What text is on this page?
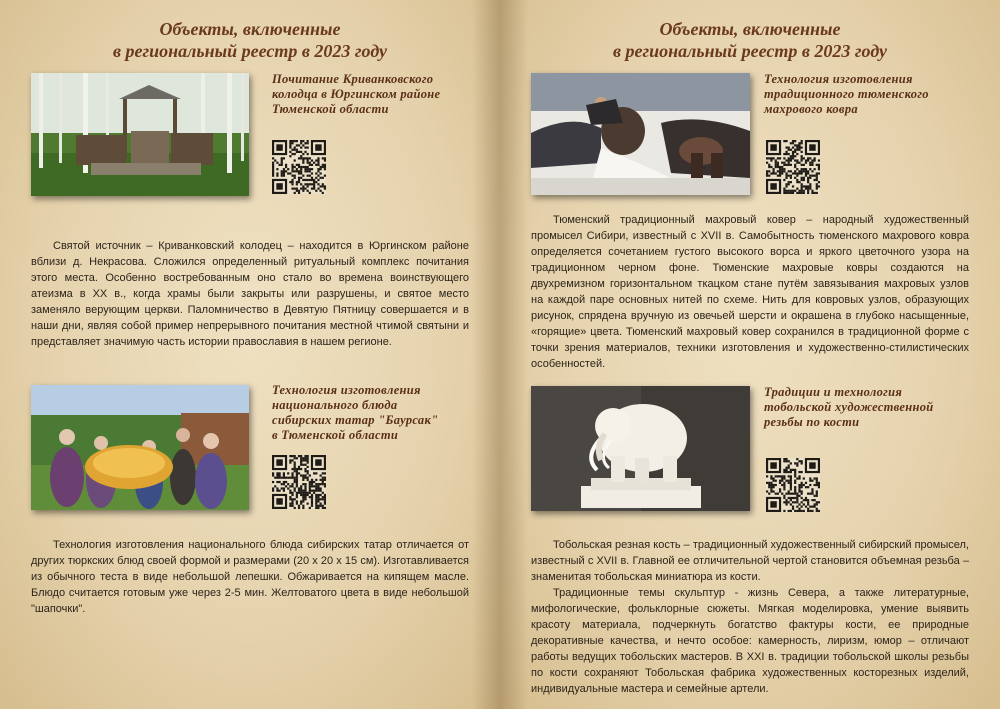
Объекты, включенные
в региональный реестр в 2023 году
Почитание Криванковского
колодца в Юргинском районе
Тюменской области

Святой источник – Криванковский колодец – находится в Юргинском районе вблизи д. Некрасова. Сложился определенный ритуальный комплекс почитания этого места. Особенно востребованным оно стало во времена воинствующего атеизма в XX в., когда храмы были закрыты или разрушены, и святое место заменяло верующим церкви. Паломничество в Девятую Пятницу совершается и в наши дни, являя собой пример непрерывного почитания местной чтимой святыни и представляет значимую часть истории православия в нашем регионе.

Технология изготовления
национального блюда
сибирских татар "Баурсак"
в Тюменской области

Технология изготовления национального блюда сибирских татар отличается от других тюркских блюд своей формой и размерами (20 х 20 х 15 см). Изготавливается из обычного теста в виде небольшой лепешки. Обжаривается на кипящем масле. Блюдо считается готовым уже через 2-5 мин. Желтоватого цвета в виде небольшой "шапочки".

Объекты, включенные
в региональный реестр в 2023 году
Технология изготовления
традиционного тюменского
махрового ковра

Тюменский традиционный махровый ковер – народный художественный промысел Сибири, известный с XVII в. Самобытность тюменского махрового ковра определяется сочетанием густого высокого ворса и яркого цветочного узора на традиционном черном фоне. Тюменские махровые ковры создаются на двухремизном горизонтальном ткацком стане путём завязывания махровых узлов на каждой паре основных нитей по схеме. Нить для ковровых узлов, образующих рисунок, спрядена вручную из овечьей шерсти и окрашена в глубоко насыщенные, «горящие» цвета. Тюменский махровый ковер сохранился в традиционной форме с точки зрения материалов, техники изготовления и художественно-стилистических особенностей.

Традиции и технология
тобольской художественной
резьбы по кости

Тобольская резная кость – традиционный художественный сибирский промысел, известный с XVII в. Главной ее отличительной чертой становится объемная резьба – знаменитая тобольская миниатюра из кости.

Традиционные темы скульптур - жизнь Севера, а также литературные, мифологические, фольклорные сюжеты. Мягкая моделировка, умение выявить красоту материала, подчеркнуть богатство фактуры кости, ее природные декоративные качества, и нечто особое: камерность, лиризм, юмор – отличают работы ведущих тобольских мастеров. В XXI в. традиции тобольской школы резьбы по кости сохраняют Тобольская фабрика художественных косторезных изделий, индивидуальные мастера и семейные артели.
